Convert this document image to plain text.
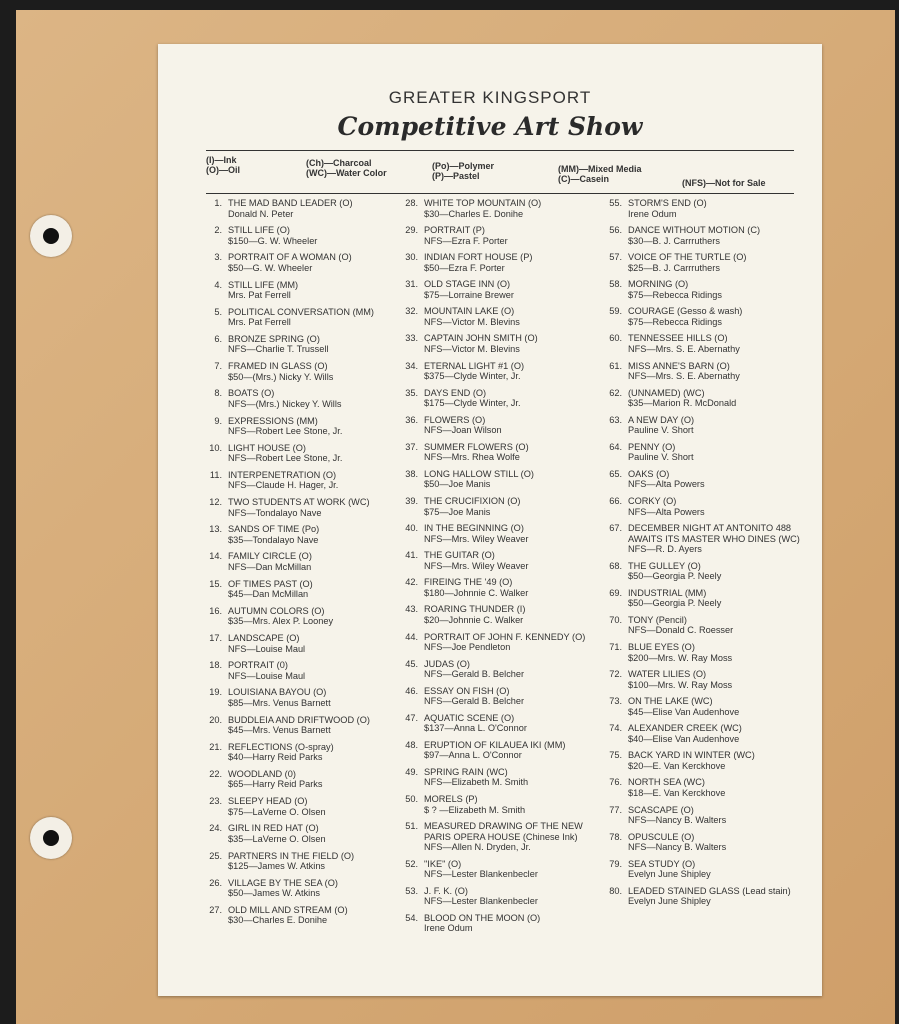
GREATER KINGSPORT
Competitive Art Show
(I)—Ink
(O)—Oil
(Ch)—Charcoal
(WC)—Water Color
(Po)—Polymer
(P)—Pastel
(MM)—Mixed Media
(C)—Casein	(NFS)—Not for Sale
1. THE MAD BAND LEADER (O)
Donald N. Peter
2. STILL LIFE (O)
$150—G. W. Wheeler
3. PORTRAIT OF A WOMAN (O)
$50—G. W. Wheeler
4. STILL LIFE (MM)
Mrs. Pat Ferrell
5. POLITICAL CONVERSATION (MM)
Mrs. Pat Ferrell
6. BRONZE SPRING (O)
NFS—Charlie T. Trussell
7. FRAMED IN GLASS (O)
$50—(Mrs.) Nicky Y. Wills
8. BOATS (O)
NFS—(Mrs.) Nickey Y. Wills
9. EXPRESSIONS (MM)
NFS—Robert Lee Stone, Jr.
10. LIGHT HOUSE (O)
NFS—Robert Lee Stone, Jr.
11. INTERPENETRATION (O)
NFS—Claude H. Hager, Jr.
12. TWO STUDENTS AT WORK (WC)
NFS—Tondalayo Nave
13. SANDS OF TIME (Po)
$35—Tondalayo Nave
14. FAMILY CIRCLE (O)
NFS—Dan McMillan
15. OF TIMES PAST (O)
$45—Dan McMillan
16. AUTUMN COLORS (O)
$35—Mrs. Alex P. Looney
17. LANDSCAPE (O)
NFS—Louise Maul
18. PORTRAIT (0)
NFS—Louise Maul
19. LOUISIANA BAYOU (O)
$85—Mrs. Venus Barnett
20. BUDDLEIA AND DRIFTWOOD (O)
$45—Mrs. Venus Barnett
21. REFLECTIONS (O-spray)
$40—Harry Reid Parks
22. WOODLAND (0)
$65—Harry Reid Parks
23. SLEEPY HEAD (O)
$75—LaVerne O. Olsen
24. GIRL IN RED HAT (O)
$35—LaVerne O. Olsen
25. PARTNERS IN THE FIELD (O)
$125—James W. Atkins
26. VILLAGE BY THE SEA (O)
$50—James W. Atkins
27. OLD MILL AND STREAM (O)
$30—Charles E. Donihe
28. WHITE TOP MOUNTAIN (O)
$30—Charles E. Donihe
29. PORTRAIT (P)
NFS—Ezra F. Porter
30. INDIAN FORT HOUSE (P)
$50—Ezra F. Porter
31. OLD STAGE INN (O)
$75—Lorraine Brewer
32. MOUNTAIN LAKE (O)
NFS—Victor M. Blevins
33. CAPTAIN JOHN SMITH (O)
NFS—Victor M. Blevins
34. ETERNAL LIGHT #1 (O)
$375—Clyde Winter, Jr.
35. DAYS END (O)
$175—Clyde Winter, Jr.
36. FLOWERS (O)
NFS—Joan Wilson
37. SUMMER FLOWERS (O)
NFS—Mrs. Rhea Wolfe
38. LONG HALLOW STILL (O)
$50—Joe Manis
39. THE CRUCIFIXION (O)
$75—Joe Manis
40. IN THE BEGINNING (O)
NFS—Mrs. Wiley Weaver
41. THE GUITAR (O)
NFS—Mrs. Wiley Weaver
42. FIREING THE '49 (O)
$180—Johnnie C. Walker
43. ROARING THUNDER (I)
$20—Johnnie C. Walker
44. PORTRAIT OF JOHN F. KENNEDY (O)
NFS—Joe Pendleton
45. JUDAS (O)
NFS—Gerald B. Belcher
46. ESSAY ON FISH (O)
NFS—Gerald B. Belcher
47. AQUATIC SCENE (O)
$137—Anna L. O'Connor
48. ERUPTION OF KILAUEA IKI (MM)
$97—Anna L. O'Connor
49. SPRING RAIN (WC)
NFS—Elizabeth M. Smith
50. MORELS (P)
$ ? —Elizabeth M. Smith
51. MEASURED DRAWING OF THE NEW PARIS OPERA HOUSE (Chinese Ink)
NFS—Allen N. Dryden, Jr.
52. "IKE" (O)
NFS—Lester Blankenbecler
53. J. F. K. (O)
NFS—Lester Blankenbecler
54. BLOOD ON THE MOON (O)
Irene Odum
55. STORM'S END (O)
Irene Odum
56. DANCE WITHOUT MOTION (C)
$30—B. J. Carrruthers
57. VOICE OF THE TURTLE (O)
$25—B. J. Carrruthers
58. MORNING (O)
$75—Rebecca Ridings
59. COURAGE (Gesso & wash)
$75—Rebecca Ridings
60. TENNESSEE HILLS (O)
NFS—Mrs. S. E. Abernathy
61. MISS ANNE'S BARN (O)
NFS—Mrs. S. E. Abernathy
62. (UNNAMED) (WC)
$35—Marion R. McDonald
63. A NEW DAY (O)
Pauline V. Short
64. PENNY (O)
Pauline V. Short
65. OAKS (O)
NFS—Alta Powers
66. CORKY (O)
NFS—Alta Powers
67. DECEMBER NIGHT AT ANTONITO 488 AWAITS ITS MASTER WHO DINES (WC)
NFS—R. D. Ayers
68. THE GULLEY (O)
$50—Georgia P. Neely
69. INDUSTRIAL (MM)
$50—Georgia P. Neely
70. TONY (Pencil)
NFS—Donald C. Roesser
71. BLUE EYES (O)
$200—Mrs. W. Ray Moss
72. WATER LILIES (O)
$100—Mrs. W. Ray Moss
73. ON THE LAKE (WC)
$45—Elise Van Audenhove
74. ALEXANDER CREEK (WC)
$40—Elise Van Audenhove
75. BACK YARD IN WINTER (WC)
$20—E. Van Kerckhove
76. NORTH SEA (WC)
$18—E. Van Kerckhove
77. SCASCAPE (O)
NFS—Nancy B. Walters
78. OPUSCULE (O)
NFS—Nancy B. Walters
79. SEA STUDY (O)
Evelyn June Shipley
80. LEADED STAINED GLASS (Lead stain)
Evelyn June Shipley
